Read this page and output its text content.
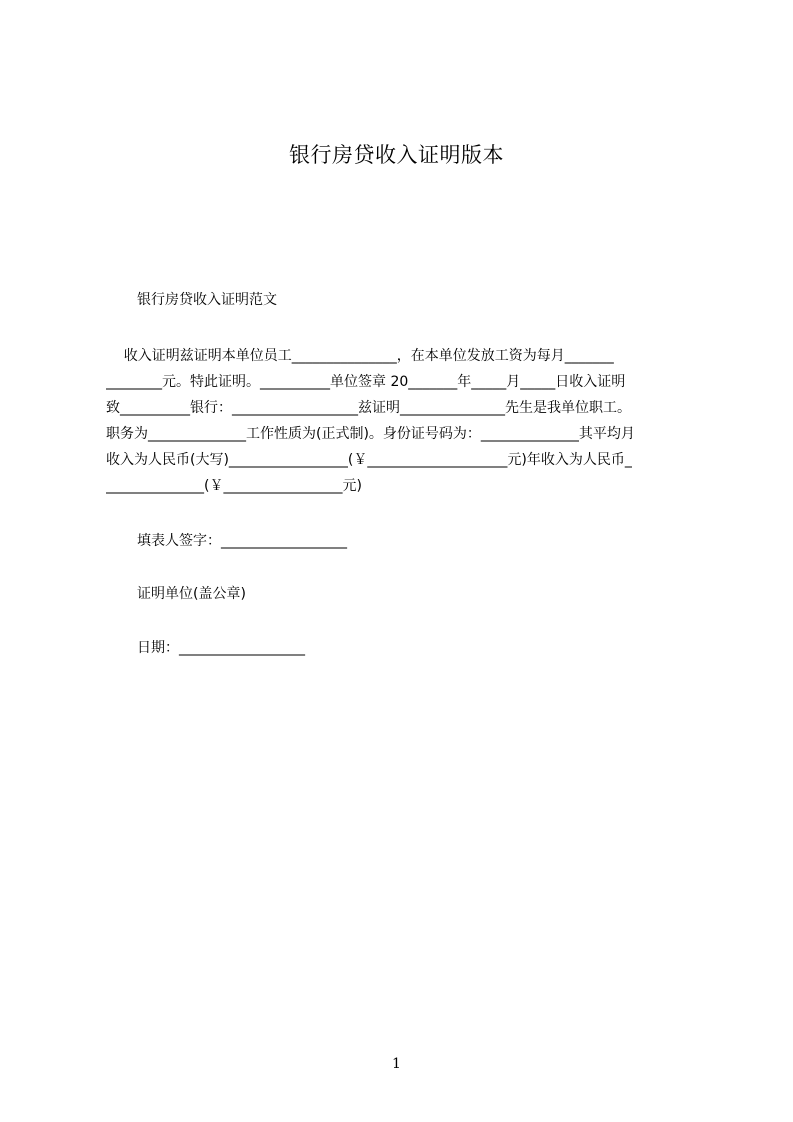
银行房贷收入证明版本
银行房贷收入证明范文
收入证明兹证明本单位员工_______________，在本单位发放工资为每月_______
________元。特此证明。__________单位签章 20_______年_____月_____日收入证明
致__________银行：__________________兹证明_______________先生是我单位职工。
职务为______________工作性质为(正式制)。身份证号码为：______________其平均月
收入为人民币(大写)_________________(￥____________________元)年收入为人民币_
______________(￥_________________元)
填表人签字：__________________
证明单位(盖公章)
日期：__________________
1
